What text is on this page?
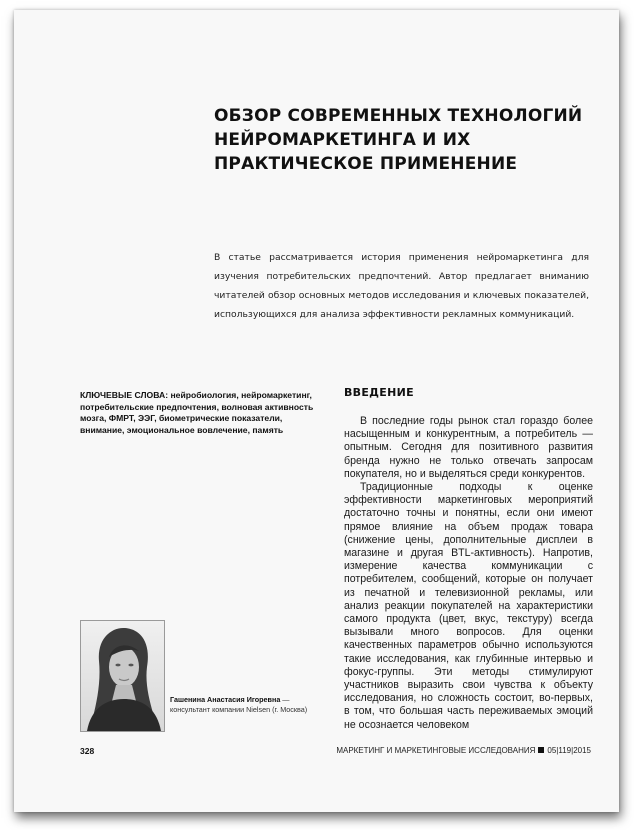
ОБЗОР СОВРЕМЕННЫХ ТЕХНОЛОГИЙ НЕЙРОМАРКЕТИНГА И ИХ ПРАКТИЧЕСКОЕ ПРИМЕНЕНИЕ
В статье рассматривается история применения нейромаркетинга для изучения потребительских предпочтений. Автор предлагает вниманию читателей обзор основных методов исследования и ключевых показателей, использующихся для анализа эффективности рекламных коммуникаций.
КЛЮЧЕВЫЕ СЛОВА: нейробиология, нейромаркетинг, потребительские предпочтения, волновая активность мозга, ФМРТ, ЭЭГ, биометрические показатели, внимание, эмоциональное вовлечение, память
ВВЕДЕНИЕ

В последние годы рынок стал гораздо более насыщенным и конкурентным, а потребитель — опытным. Сегодня для позитивного развития бренда нужно не только отвечать запросам покупателя, но и выделяться среди конкурентов.

Традиционные подходы к оценке эффективности маркетинговых мероприятий достаточно точны и понятны, если они имеют прямое влияние на объем продаж товара (снижение цены, дополнительные дисплеи в магазине и другая BTL-активность). Напротив, измерение качества коммуникации с потребителем, сообщений, которые он получает из печатной и телевизионной рекламы, или анализ реакции покупателей на характеристики самого продукта (цвет, вкус, текстуру) всегда вызывали много вопросов. Для оценки качественных параметров обычно используются такие исследования, как глубинные интервью и фокус-группы. Эти методы стимулируют участников выразить свои чувства к объекту исследования, но сложность состоит, во-первых, в том, что большая часть переживаемых эмоций не осознается человеком

Гашенина Анастасия Игоревна — консультант компании Nielsen (г. Москва)
328	МАРКЕТИНГ И МАРКЕТИНГОВЫЕ ИССЛЕДОВАНИЯ 05|119|2015
